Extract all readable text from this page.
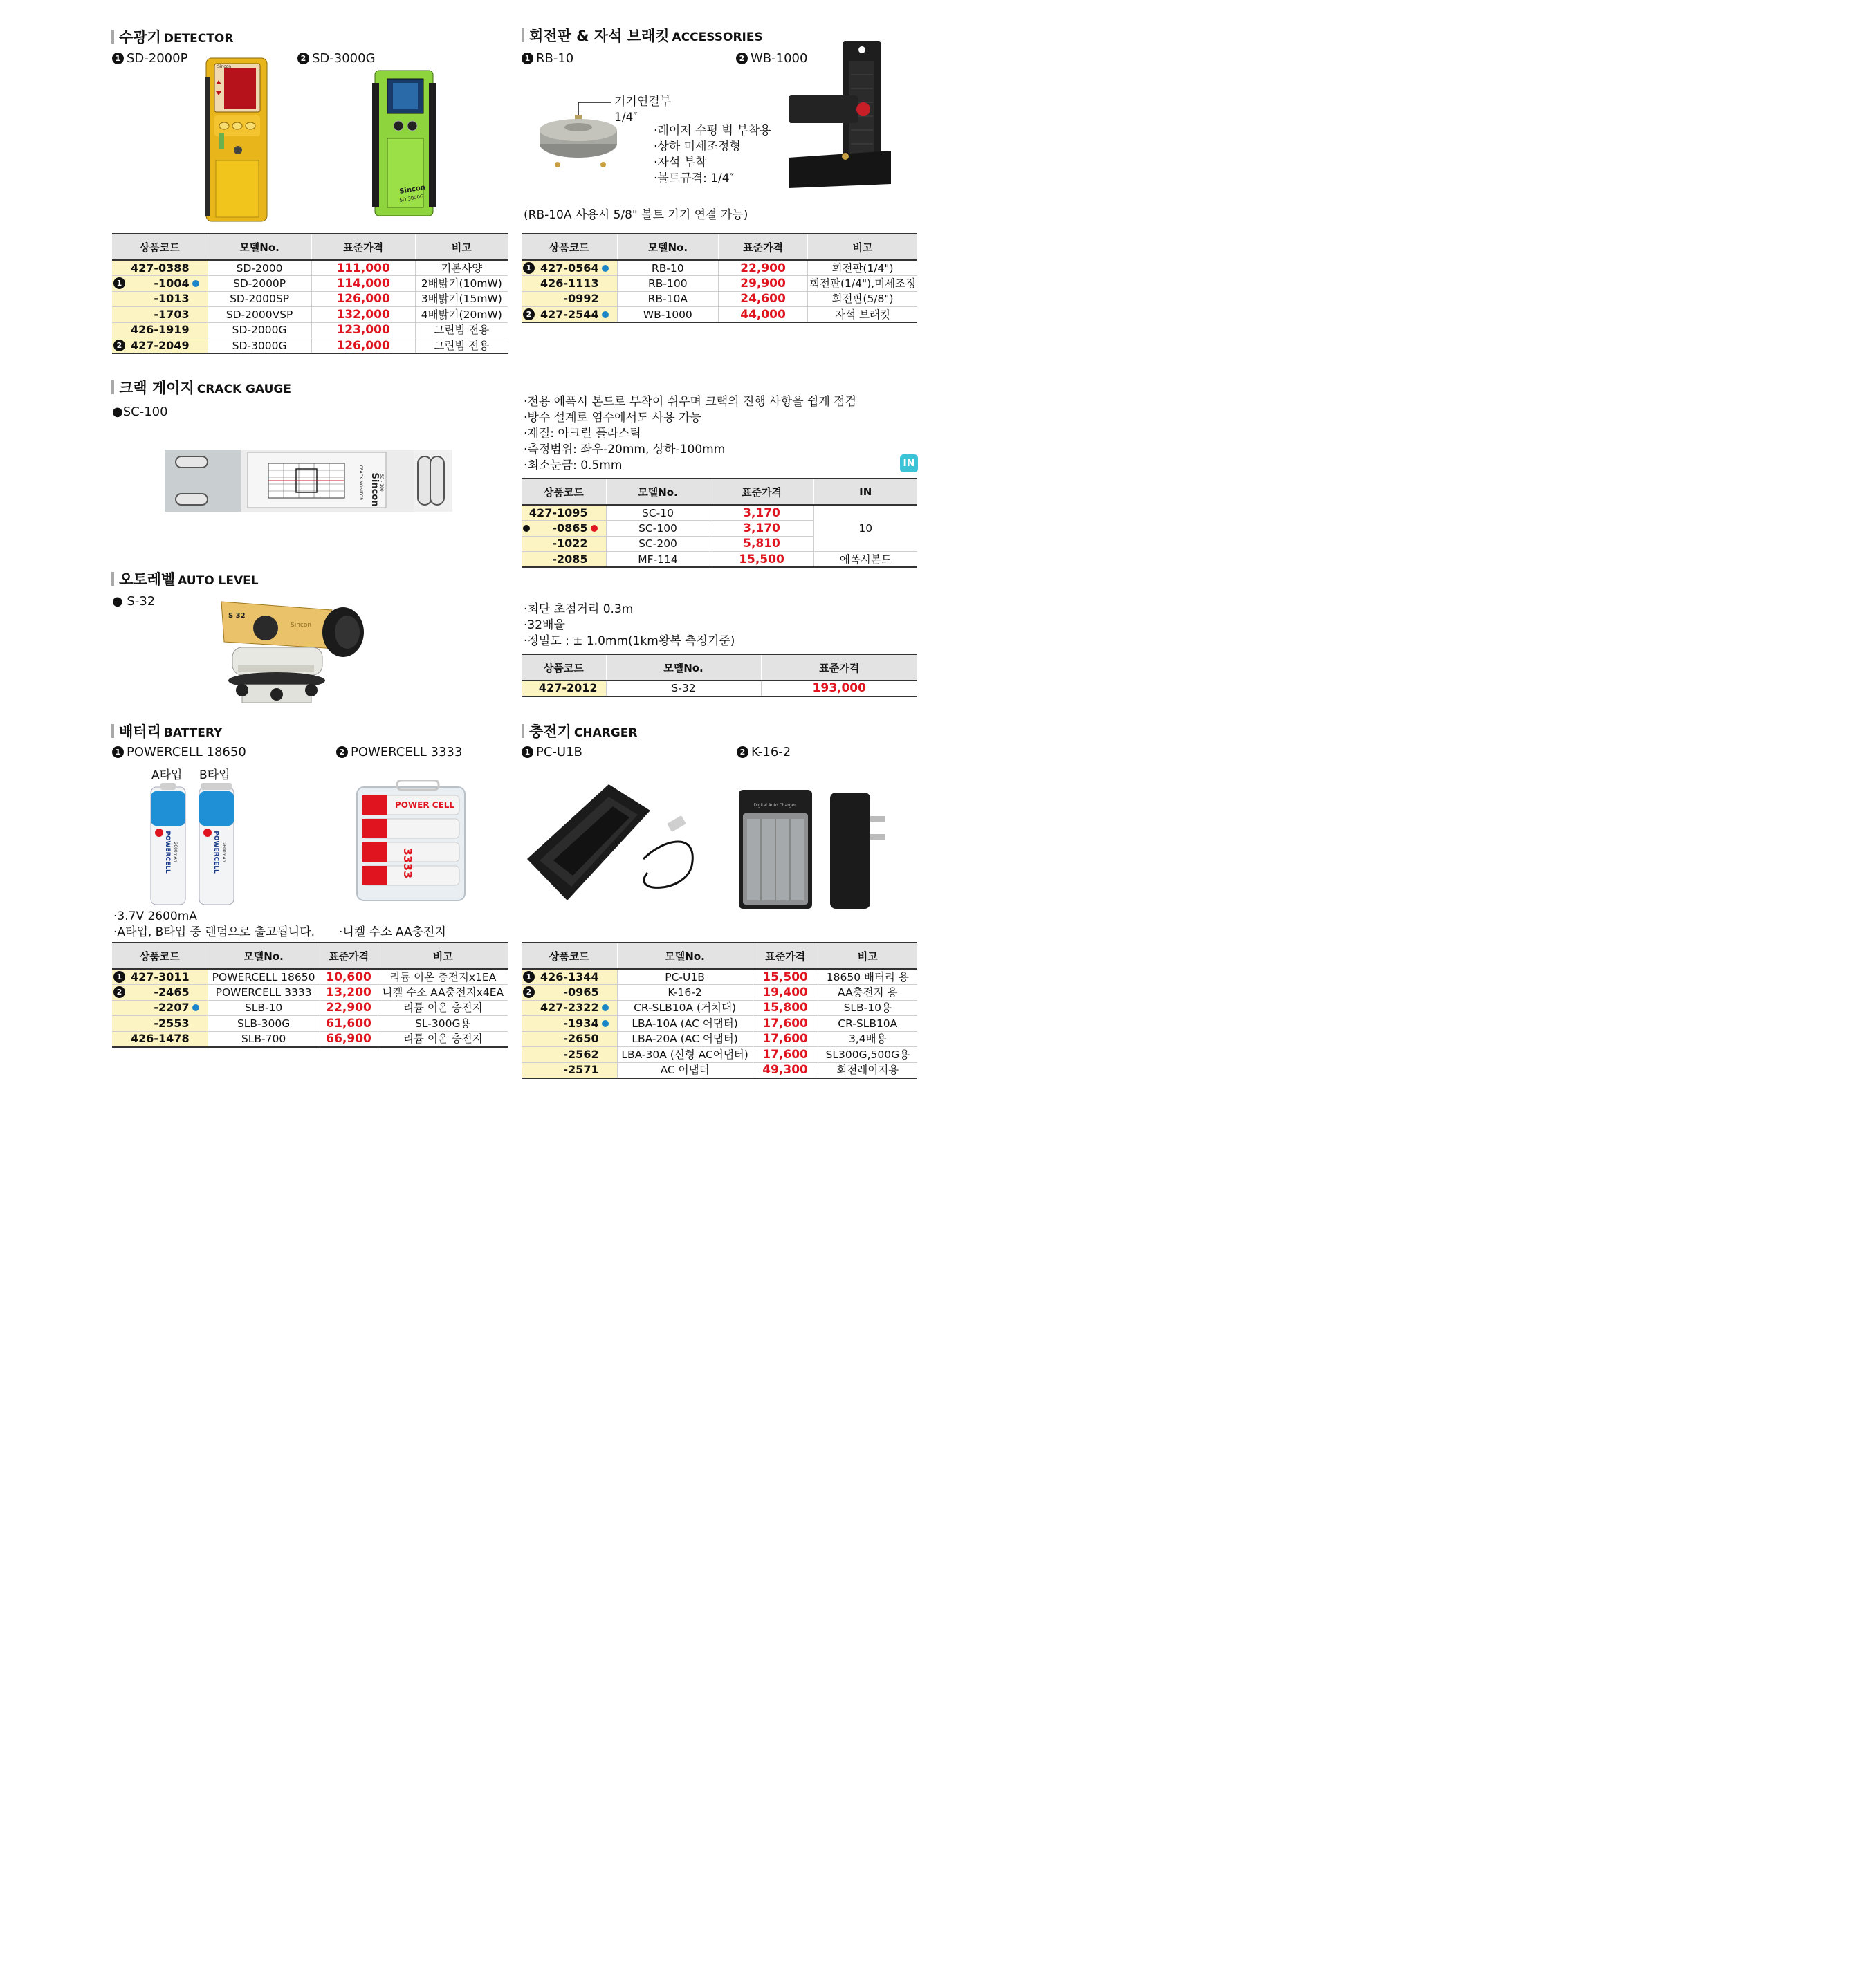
수광기 DETECTOR
1 SD-2000P	2 SD-3000G
Sincon
Sincon
SD 3000G
상품코드	모델No.	표준가격	비고

427-0388	SD-2000	111,000	기본사양

1 -1004	SD-2000P	114,000	2배밝기(10mW)

-1013	SD-2000SP	126,000	3배밝기(15mW)

-1703	SD-2000VSP	132,000	4배밝기(20mW)

426-1919	SD-2000G	123,000	그린빔 전용

2 427-2049	SD-3000G	126,000	그린빔 전용
회전판 & 자석 브래킷 ACCESSORIES
1 RB-10	2 WB-1000
기기연결부
1/4″
·레이저 수평 벽 부착용
·상하 미세조정형
·자석 부착
·볼트규격: 1/4″
(RB-10A 사용시 5/8" 볼트 기기 연결 가능)
상품코드	모델No.	표준가격	비고

1 427-0564	RB-10	22,900	회전판(1/4")

426-1113	RB-100	29,900	회전판(1/4"),미세조정

-0992	RB-10A	24,600	회전판(5/8")

2 427-2544	WB-1000	44,000	자석 브래킷
크랙 게이지 CRACK GAUGE
●SC-100
Sincon
CRACK MONITOR	SC - 100
·전용 에폭시 본드로 부착이 쉬우며 크랙의 진행 사항을 쉽게 점검
·방수 설계로 염수에서도 사용 가능
·재질: 아크릴 플라스틱
·측정범위: 좌우-20mm, 상하-100mm
·최소눈금: 0.5mm	IN
상품코드	모델No.	표준가격	IN

427-1095	SC-10	3,170	10

-0865	SC-100	3,170	

-1022	SC-200	5,810	

-2085	MF-114	15,500	에폭시본드
오토레벨 AUTO LEVEL
● S-32
S 32
Sincon
·최단 초점거리 0.3m
·32배율
·정밀도 : ± 1.0mm(1km왕복 측정기준)
상품코드	모델No.	표준가격
427-2012	S-32	193,000
배터리 BATTERY
1 POWERCELL 18650	2 POWERCELL 3333
A타입 B타입
POWERCELL 2600mAh	POWERCELL 2600mAh
POWER CELL
3333
·3.7V 2600mA
·A타입, B타입 중 랜덤으로 출고됩니다. ·니켈 수소 AA충전지
상품코드	모델No.	표준가격	비고

1 427-3011	POWERCELL 18650	10,600	리튬 이온 충전지x1EA

2 -2465	POWERCELL 3333	13,200	니켈 수소 AA충전지x4EA

-2207	SLB-10	22,900	리튬 이온 충전지

-2553	SLB-300G	61,600	SL-300G용

426-1478	SLB-700	66,900	리튬 이온 충전지
충전기 CHARGER
1 PC-U1B	2 K-16-2
Digital Auto Charger
상품코드	모델No.	표준가격	비고

1 426-1344	PC-U1B	15,500	18650 배터리 용

2 -0965	K-16-2	19,400	AA충전지 용

427-2322	CR-SLB10A (거치대)	15,800	SLB-10용

-1934	LBA-10A (AC 어댑터)	17,600	CR-SLB10A

-2650	LBA-20A (AC 어댑터)	17,600	3,4배용

-2562	LBA-30A (신형 AC어댑터)	17,600	SL300G,500G용

-2571	AC 어댑터	49,300	회전레이저용
